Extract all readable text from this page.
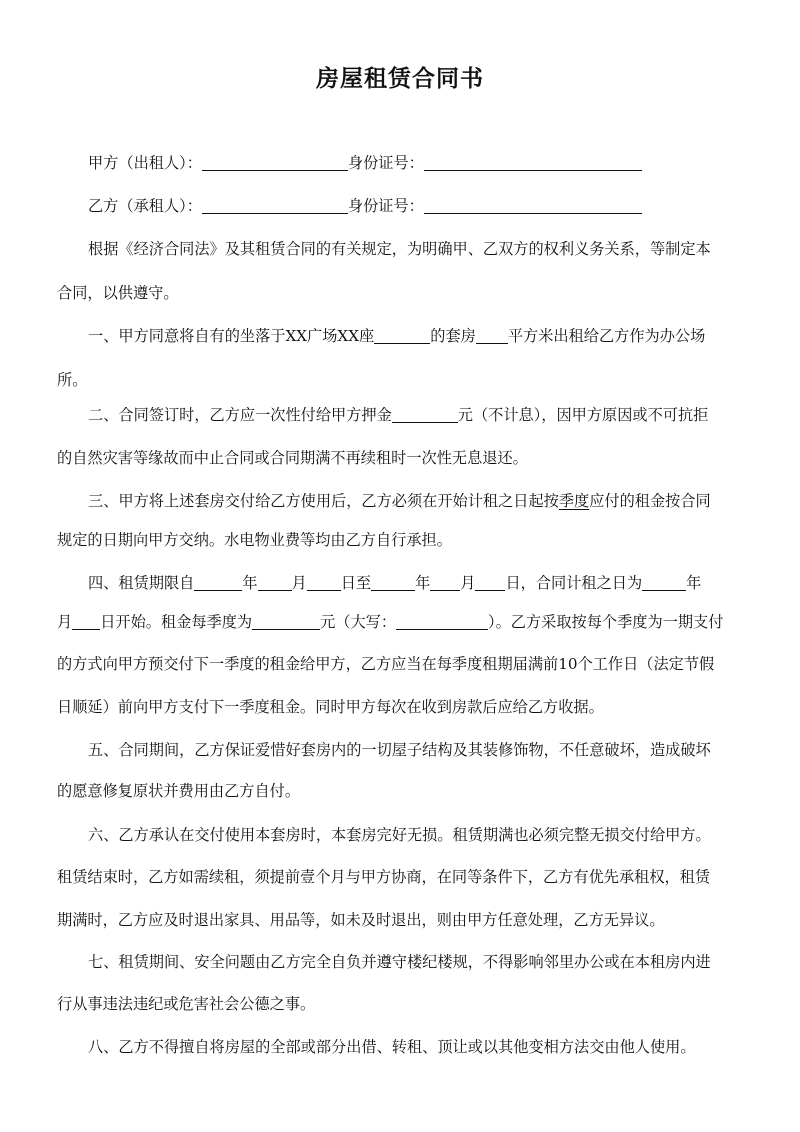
房屋租赁合同书
甲方（出租人）：	身份证号：
乙方（承租人）：	身份证号：
根据《经济合同法》及其租赁合同的有关规定，为明确甲、乙双方的权利义务关系，等制定本
合同，以供遵守。
一、甲方同意将自有的坐落于XX广场XX座	的套房 平方米出租给乙方作为办公场
所。
二、合同签订时，乙方应一次性付给甲方押金	元（不计息），因甲方原因或不可抗拒
的自然灾害等缘故而中止合同或合同期满不再续租时一次性无息退还。
三、甲方将上述套房交付给乙方使用后，乙方必须在开始计租之日起按季度应付的租金按合同
规定的日期向甲方交纳。水电物业费等均由乙方自行承担。
四、租赁期限自	年 月 日至	年 月 日，合同计租之日为	年
月 日开始。租金每季度为	元（大写：	）。乙方采取按每个季度为一期支付
的方式向甲方预交付下一季度的租金给甲方，乙方应当在每季度租期届满前10个工作日（法定节假
日顺延）前向甲方支付下一季度租金。同时甲方每次在收到房款后应给乙方收据。
五、合同期间，乙方保证爱惜好套房内的一切屋子结构及其装修饰物，不任意破坏，造成破坏
的愿意修复原状并费用由乙方自付。
六、乙方承认在交付使用本套房时，本套房完好无损。租赁期满也必须完整无损交付给甲方。
租赁结束时，乙方如需续租，须提前壹个月与甲方协商，在同等条件下，乙方有优先承租权，租赁
期满时，乙方应及时退出家具、用品等，如未及时退出，则由甲方任意处理，乙方无异议。
七、租赁期间、安全问题由乙方完全自负并遵守楼纪楼规，不得影响邻里办公或在本租房内进
行从事违法违纪或危害社会公德之事。
八、乙方不得擅自将房屋的全部或部分出借、转租、顶让或以其他变相方法交由他人使用。
